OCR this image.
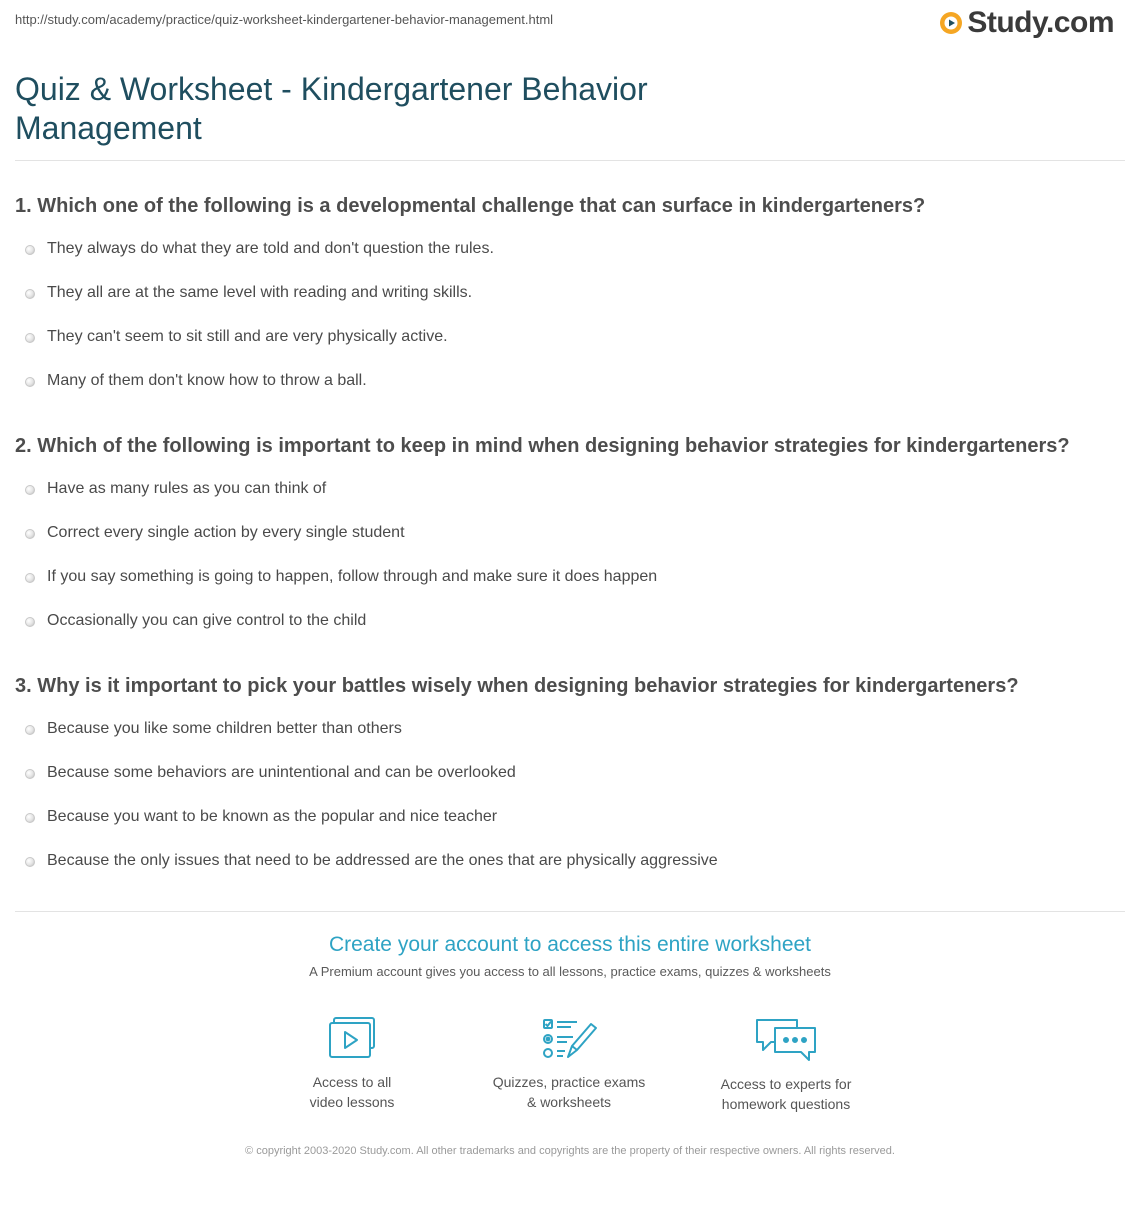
http://study.com/academy/practice/quiz-worksheet-kindergartener-behavior-management.html	Study.com
Quiz & Worksheet - Kindergartener Behavior Management
1. Which one of the following is a developmental challenge that can surface in kindergarteners?
They always do what they are told and don't question the rules.
They all are at the same level with reading and writing skills.
They can't seem to sit still and are very physically active.
Many of them don't know how to throw a ball.
2. Which of the following is important to keep in mind when designing behavior strategies for kindergarteners?
Have as many rules as you can think of
Correct every single action by every single student
If you say something is going to happen, follow through and make sure it does happen
Occasionally you can give control to the child
3. Why is it important to pick your battles wisely when designing behavior strategies for kindergarteners?
Because you like some children better than others
Because some behaviors are unintentional and can be overlooked
Because you want to be known as the popular and nice teacher
Because the only issues that need to be addressed are the ones that are physically aggressive
Create your account to access this entire worksheet
A Premium account gives you access to all lessons, practice exams, quizzes & worksheets
Access to all
video lessons
Quizzes, practice exams
& worksheets
Access to experts for
homework questions
© copyright 2003-2020 Study.com. All other trademarks and copyrights are the property of their respective owners. All rights reserved.
